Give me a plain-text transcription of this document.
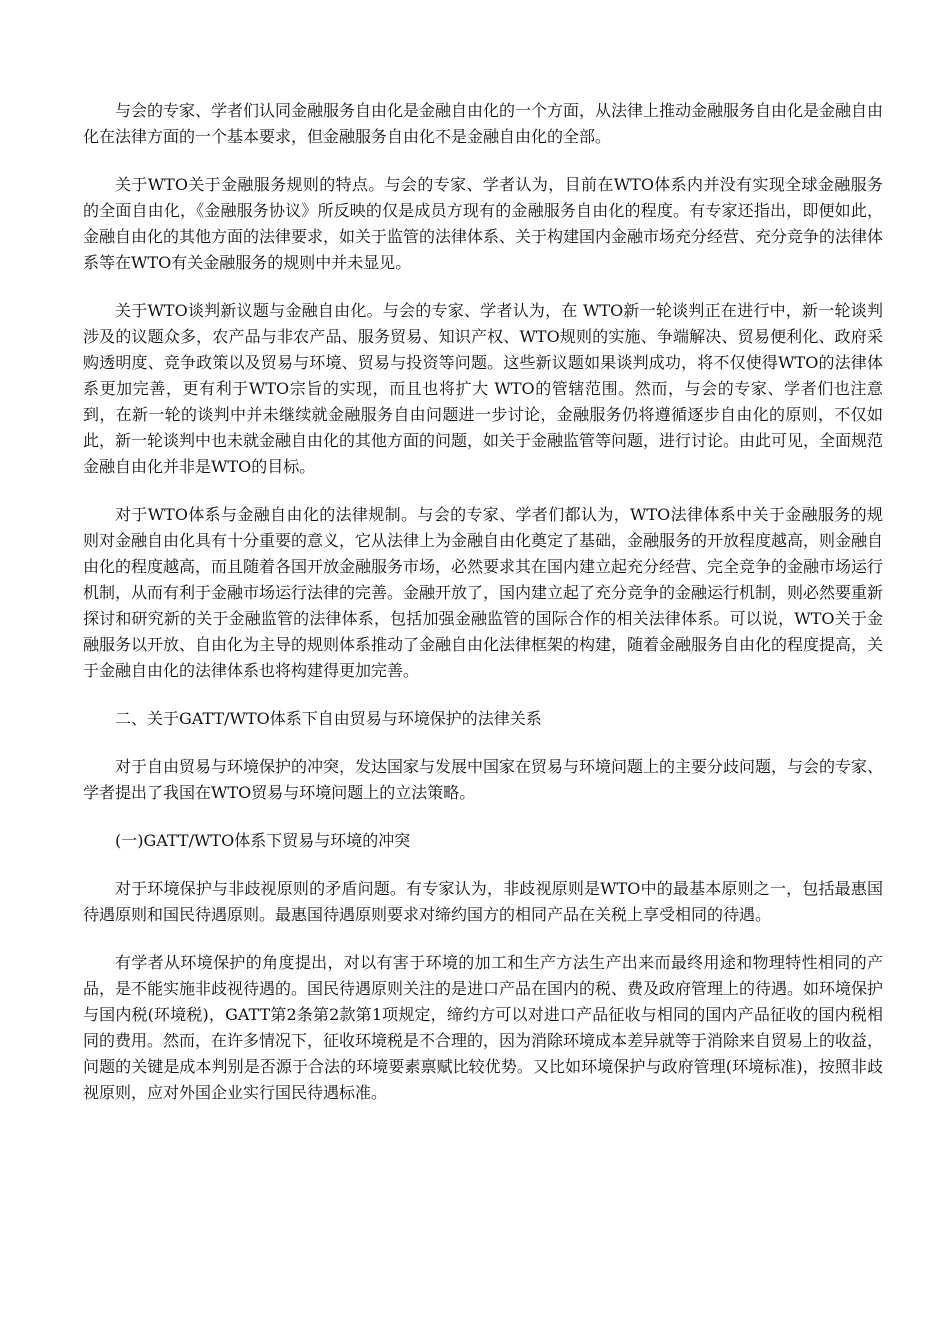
与会的专家、学者们认同金融服务自由化是金融自由化的一个方面，从法律上推动金融服务自由化是金融自由化在法律方面的一个基本要求，但金融服务自由化不是金融自由化的全部。

关于WTO关于金融服务规则的特点。与会的专家、学者认为，目前在WTO体系内并没有实现全球金融服务的全面自由化，《金融服务协议》所反映的仅是成员方现有的金融服务自由化的程度。有专家还指出，即便如此，金融自由化的其他方面的法律要求，如关于监管的法律体系、关于构建国内金融市场充分经营、充分竞争的法律体系等在WTO有关金融服务的规则中并未显见。

关于WTO谈判新议题与金融自由化。与会的专家、学者认为，在 WTO新一轮谈判正在进行中，新一轮谈判涉及的议题众多，农产品与非农产品、服务贸易、知识产权、WTO规则的实施、争端解决、贸易便利化、政府采购透明度、竞争政策以及贸易与环境、贸易与投资等问题。这些新议题如果谈判成功，将不仅使得WTO的法律体系更加完善，更有利于WTO宗旨的实现，而且也将扩大 WTO的管辖范围。然而，与会的专家、学者们也注意到，在新一轮的谈判中并未继续就金融服务自由问题进一步讨论，金融服务仍将遵循逐步自由化的原则，不仅如此，新一轮谈判中也未就金融自由化的其他方面的问题，如关于金融监管等问题，进行讨论。由此可见，全面规范金融自由化并非是WTO的目标。

对于WTO体系与金融自由化的法律规制。与会的专家、学者们都认为，WTO法律体系中关于金融服务的规则对金融自由化具有十分重要的意义，它从法律上为金融自由化奠定了基础，金融服务的开放程度越高，则金融自由化的程度越高，而且随着各国开放金融服务市场，必然要求其在国内建立起充分经营、完全竞争的金融市场运行机制，从而有利于金融市场运行法律的完善。金融开放了，国内建立起了充分竞争的金融运行机制，则必然要重新探讨和研究新的关于金融监管的法律体系，包括加强金融监管的国际合作的相关法律体系。可以说，WTO关于金融服务以开放、自由化为主导的规则体系推动了金融自由化法律框架的构建，随着金融服务自由化的程度提高，关于金融自由化的法律体系也将构建得更加完善。

二、关于GATT/WTO体系下自由贸易与环境保护的法律关系

对于自由贸易与环境保护的冲突，发达国家与发展中国家在贸易与环境问题上的主要分歧问题，与会的专家、学者提出了我国在WTO贸易与环境问题上的立法策略。

(一)GATT/WTO体系下贸易与环境的冲突

对于环境保护与非歧视原则的矛盾问题。有专家认为，非歧视原则是WTO中的最基本原则之一，包括最惠国待遇原则和国民待遇原则。最惠国待遇原则要求对缔约国方的相同产品在关税上享受相同的待遇。

有学者从环境保护的角度提出，对以有害于环境的加工和生产方法生产出来而最终用途和物理特性相同的产品，是不能实施非歧视待遇的。国民待遇原则关注的是进口产品在国内的税、费及政府管理上的待遇。如环境保护与国内税(环境税)，GATT第2条第2款第1项规定，缔约方可以对进口产品征收与相同的国内产品征收的国内税相同的费用。然而，在许多情况下，征收环境税是不合理的，因为消除环境成本差异就等于消除来自贸易上的收益，问题的关键是成本判别是否源于合法的环境要素禀赋比较优势。又比如环境保护与政府管理(环境标准)，按照非歧视原则，应对外国企业实行国民待遇标准。
